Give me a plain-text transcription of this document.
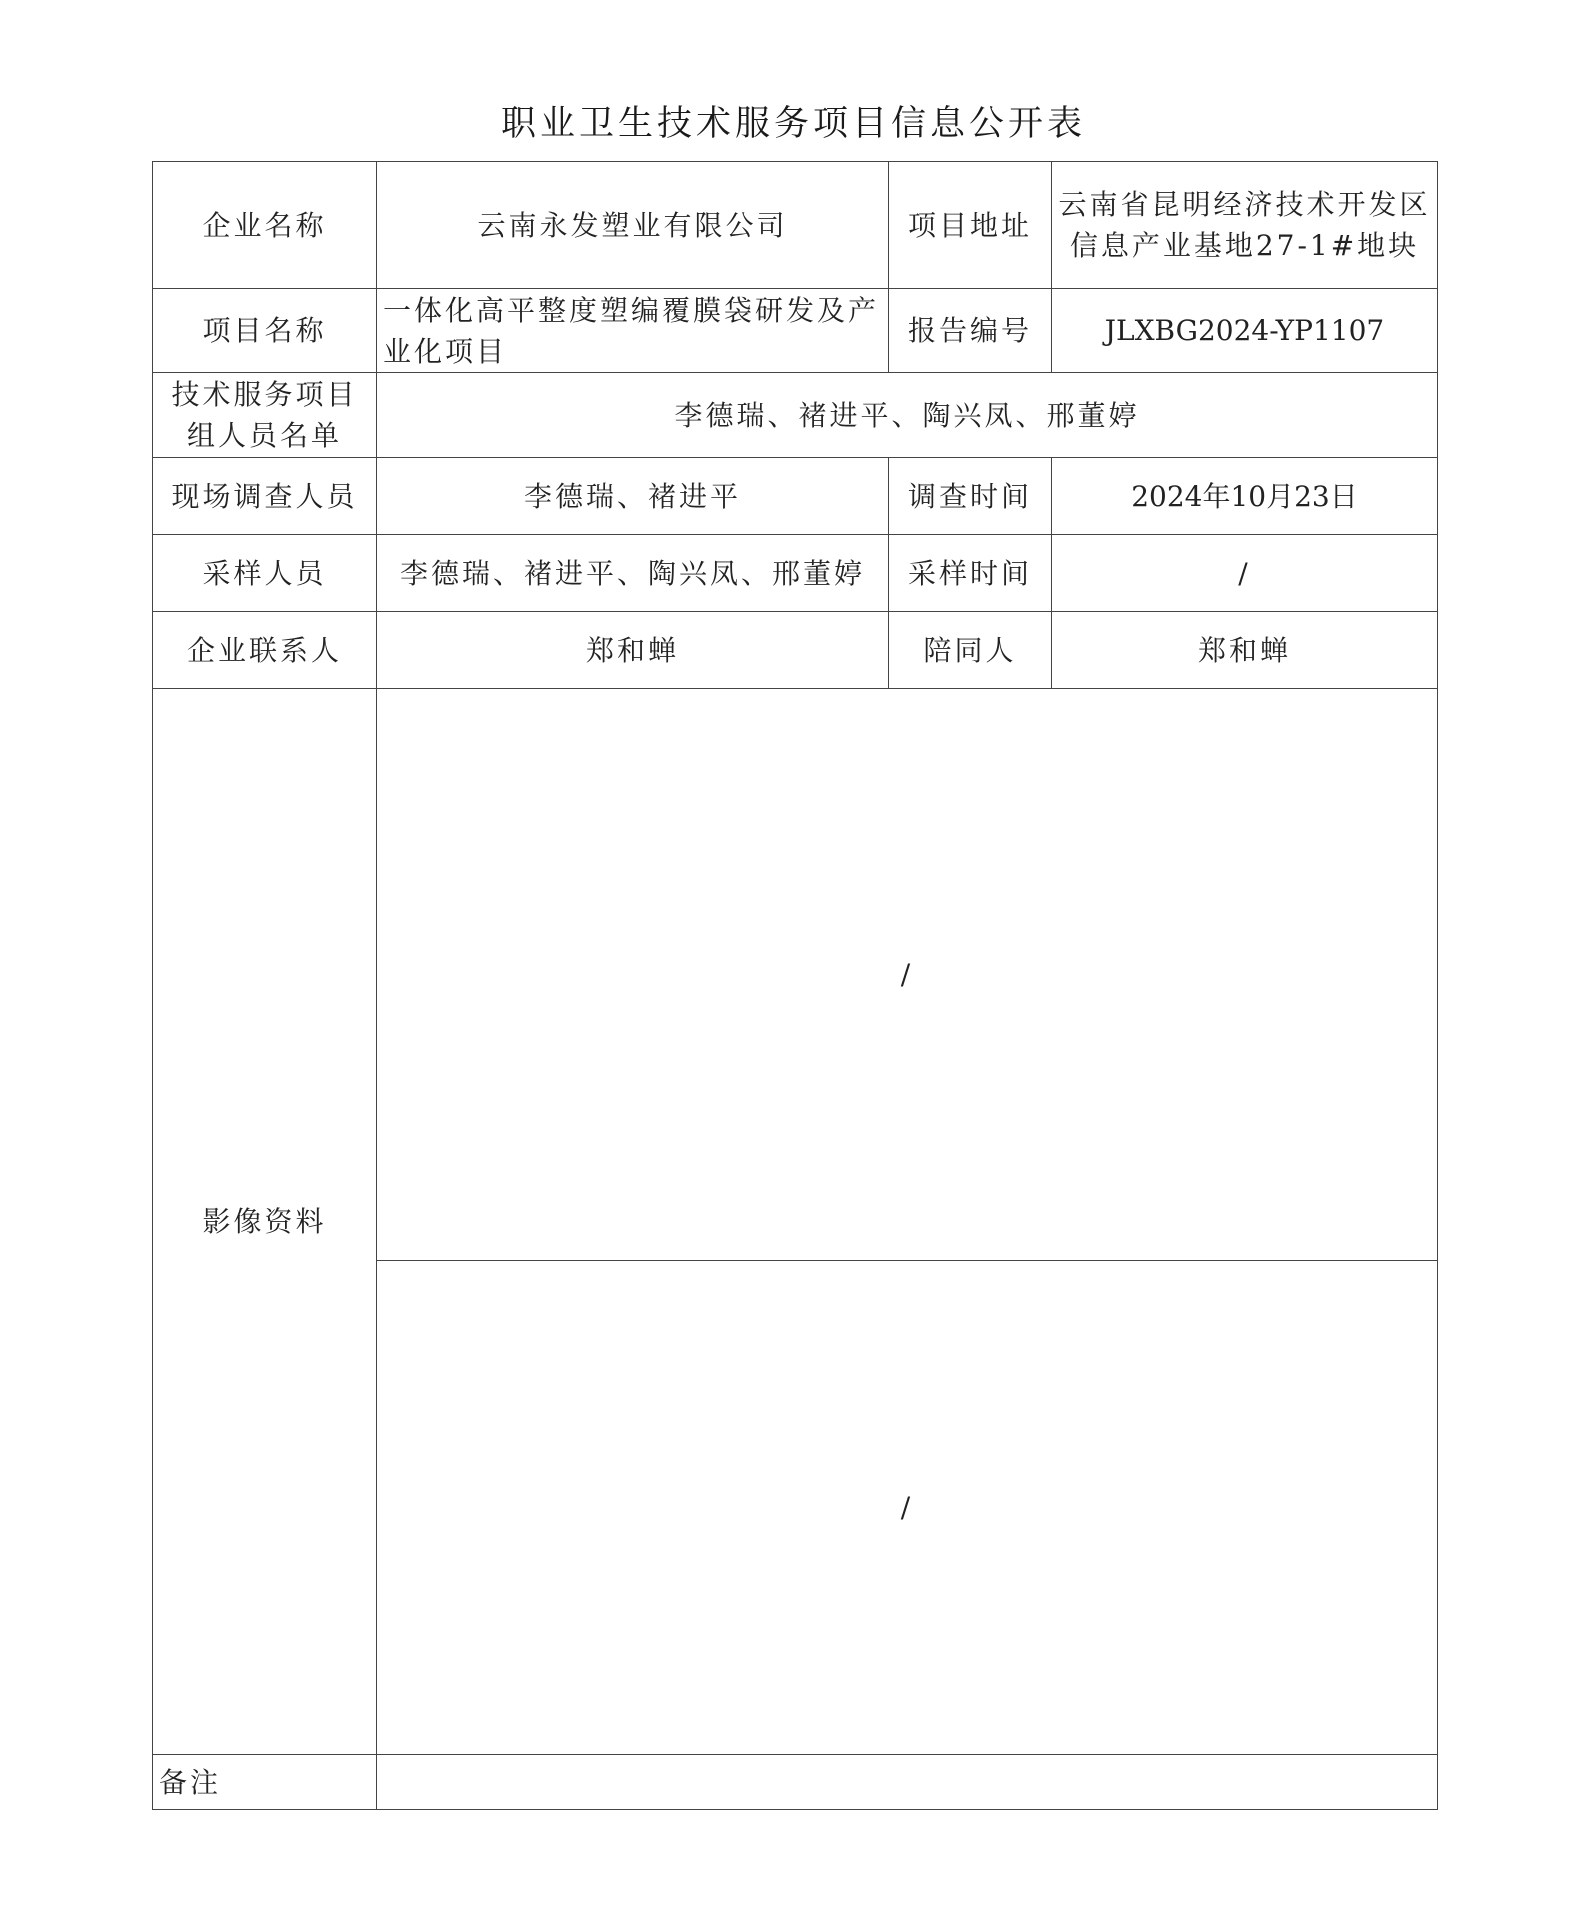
职业卫生技术服务项目信息公开表
企业名称	云南永发塑业有限公司	项目地址	云南省昆明经济技术开发区信息产业基地27-1#地块
项目名称	一体化高平整度塑编覆膜袋研发及产业化项目	报告编号	JLXBG2024-YP1107
技术服务项目组人员名单	李德瑞、褚进平、陶兴凤、邢董婷		
现场调查人员	李德瑞、褚进平	调查时间	2024年10月23日
采样人员	李德瑞、褚进平、陶兴凤、邢董婷	采样时间	/
企业联系人	郑和蝉	陪同人	郑和蝉
影像资料	/		
	/		
备注			
